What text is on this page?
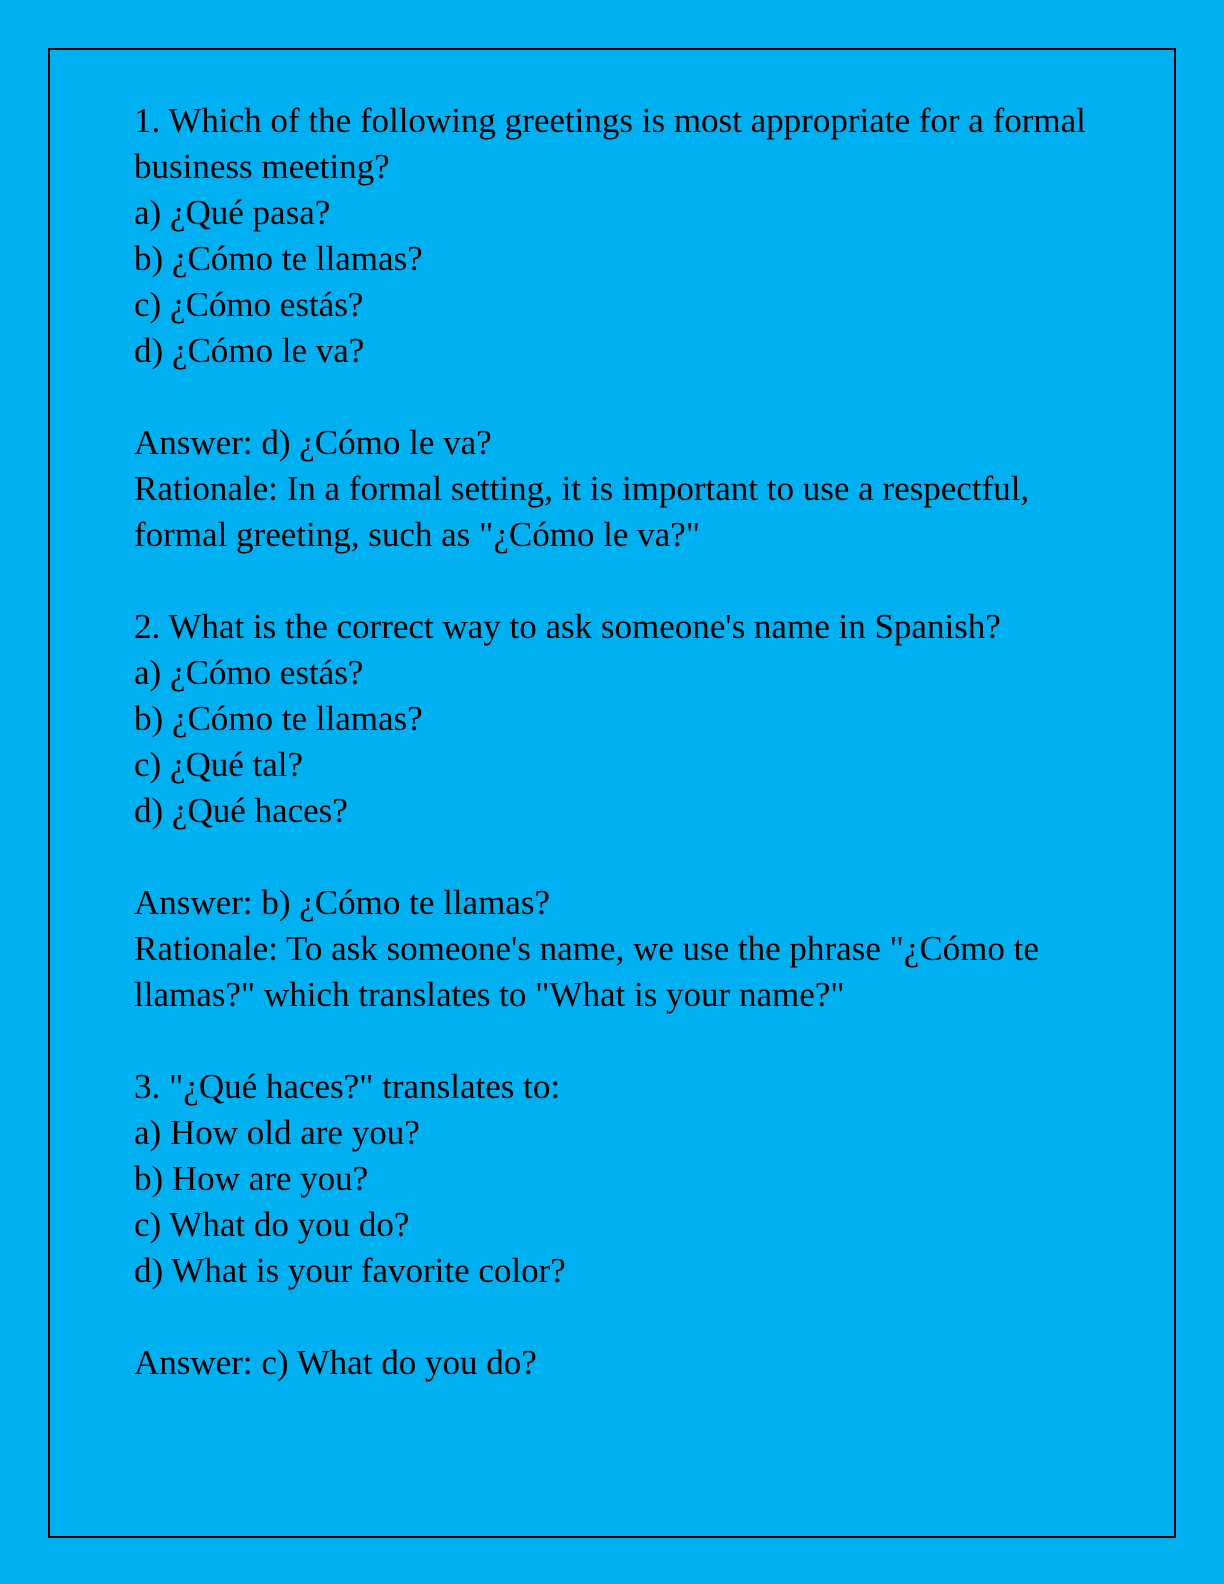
1. Which of the following greetings is most appropriate for a formal business meeting?
a) ¿Qué pasa?
b) ¿Cómo te llamas?
c) ¿Cómo estás?
d) ¿Cómo le va?
Answer: d) ¿Cómo le va?
Rationale: In a formal setting, it is important to use a respectful, formal greeting, such as "¿Cómo le va?"
2. What is the correct way to ask someone's name in Spanish?
a) ¿Cómo estás?
b) ¿Cómo te llamas?
c) ¿Qué tal?
d) ¿Qué haces?
Answer: b) ¿Cómo te llamas?
Rationale: To ask someone's name, we use the phrase "¿Cómo te llamas?" which translates to "What is your name?"
3. "¿Qué haces?" translates to:
a) How old are you?
b) How are you?
c) What do you do?
d) What is your favorite color?
Answer: c) What do you do?
